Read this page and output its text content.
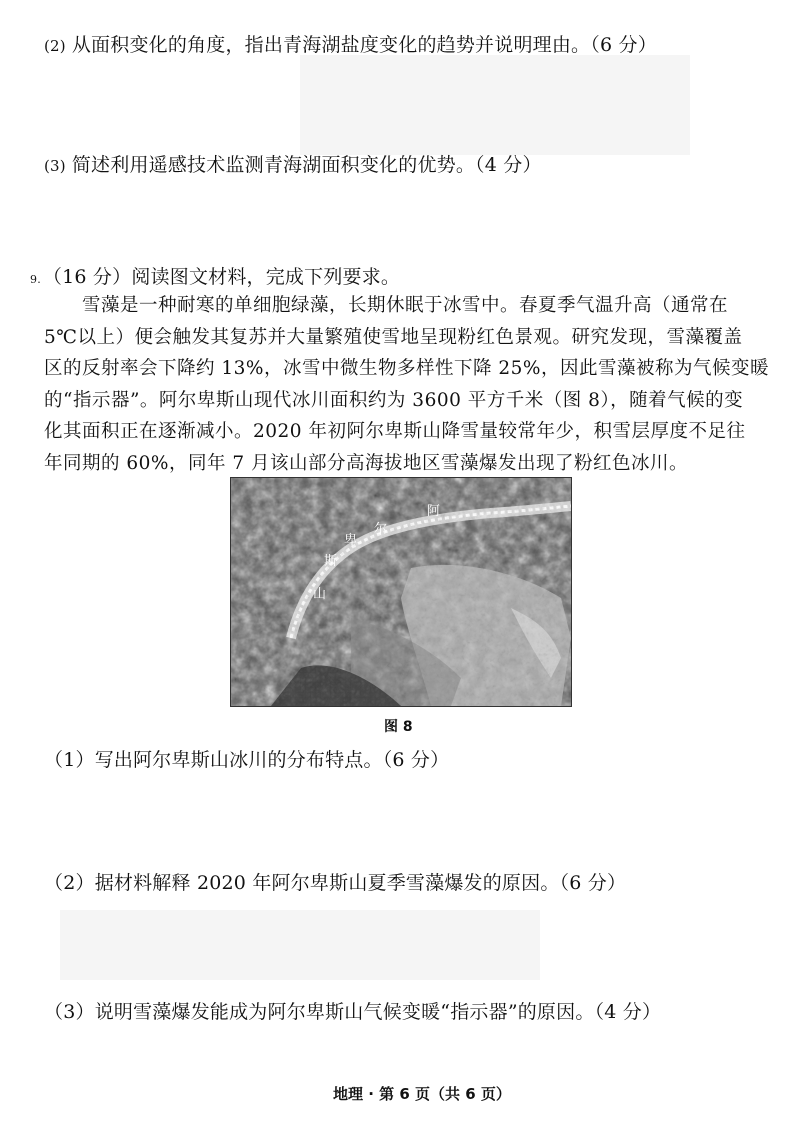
(2) 从面积变化的角度，指出青海湖盐度变化的趋势并说明理由。（6 分）
(3) 简述利用遥感技术监测青海湖面积变化的优势。（4 分）
9. （16 分）阅读图文材料，完成下列要求。
　　雪藻是一种耐寒的单细胞绿藻，长期休眠于冰雪中。春夏季气温升高（通常在
5℃以上）便会触发其复苏并大量繁殖使雪地呈现粉红色景观。研究发现，雪藻覆盖
区的反射率会下降约 13%，冰雪中微生物多样性下降 25%，因此雪藻被称为气候变暖
的“指示器”。阿尔卑斯山现代冰川面积约为 3600 平方千米（图 8），随着气候的变
化其面积正在逐渐减小。2020 年初阿尔卑斯山降雪量较常年少，积雪层厚度不足往
年同期的 60%，同年 7 月该山部分高海拔地区雪藻爆发出现了粉红色冰川。
阿
尔
卑
斯
山
图 8
（1）写出阿尔卑斯山冰川的分布特点。（6 分）
（2）据材料解释 2020 年阿尔卑斯山夏季雪藻爆发的原因。（6 分）
（3）说明雪藻爆发能成为阿尔卑斯山气候变暖“指示器”的原因。（4 分）
地理 · 第 6 页（共 6 页）
